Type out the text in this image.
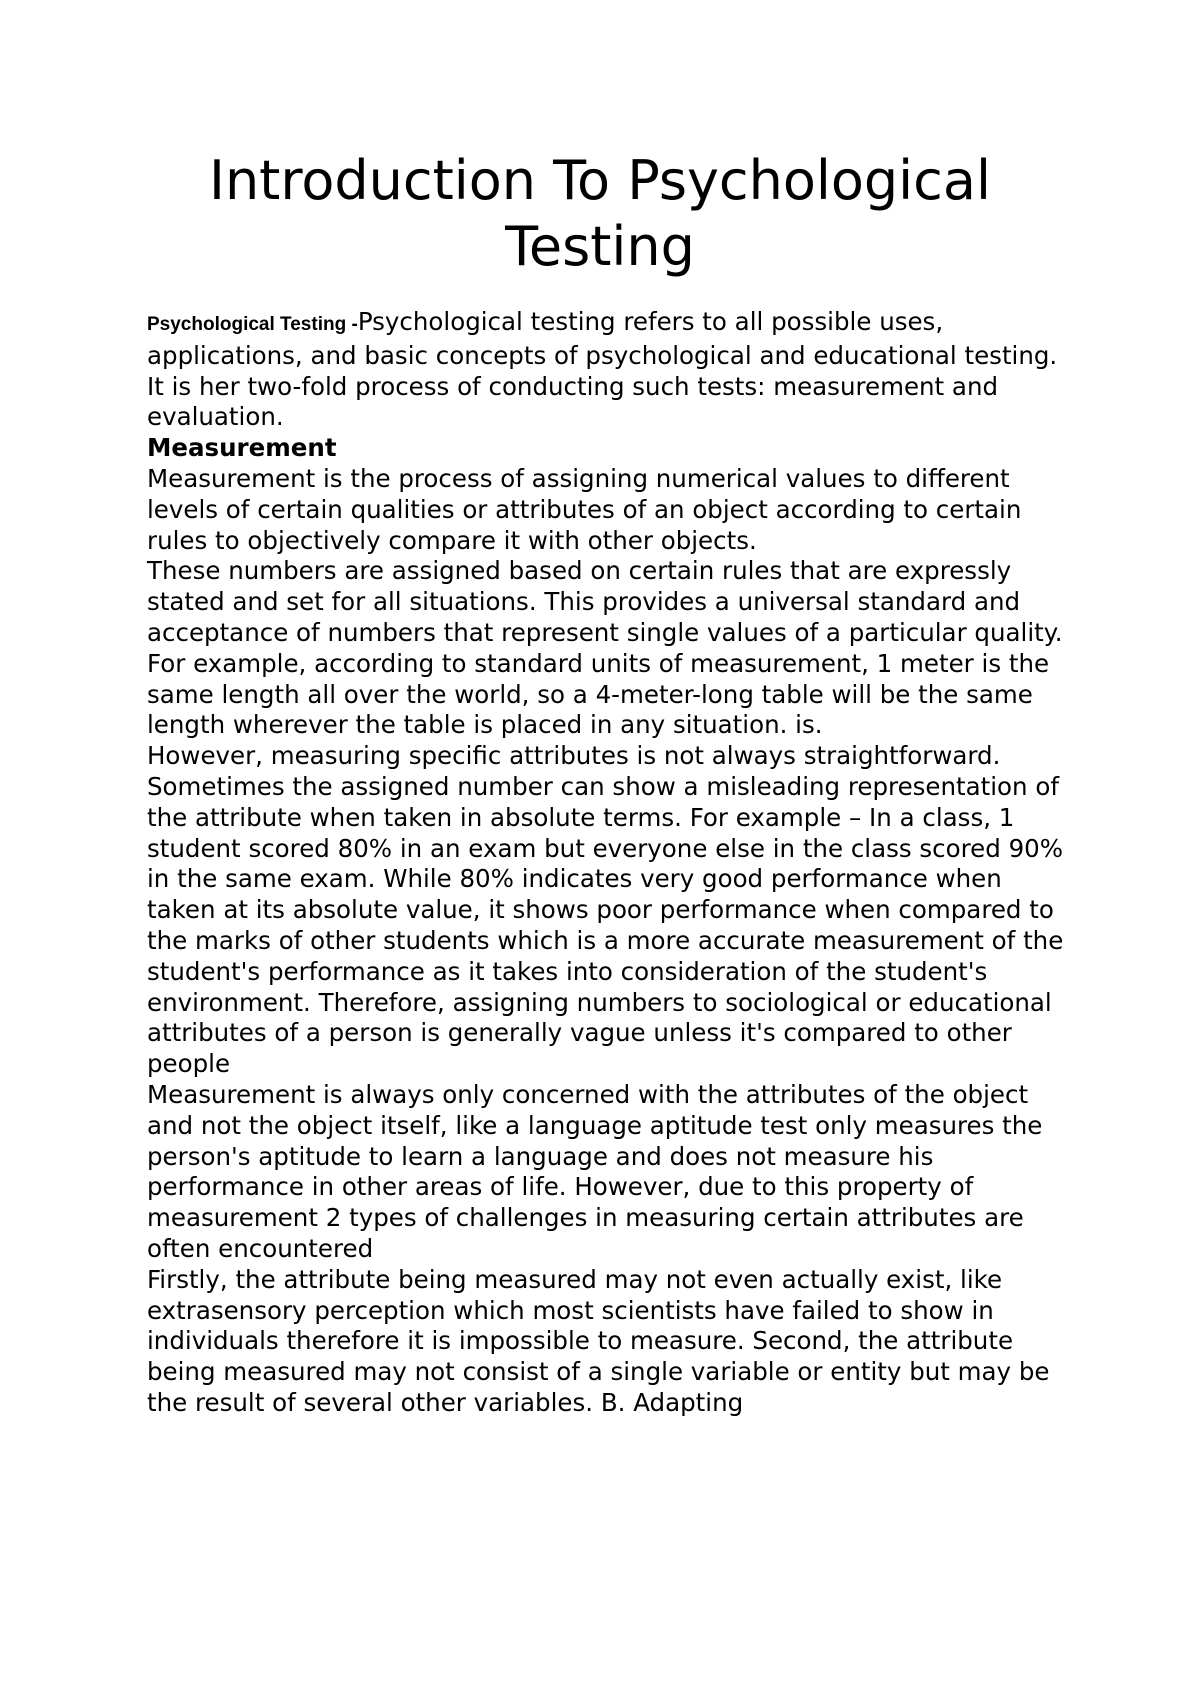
Introduction To Psychological Testing

Psychological Testing -Psychological testing refers to all possible uses, applications, and basic concepts of psychological and educational testing. It is her two-fold process of conducting such tests: measurement and evaluation.

Measurement

Measurement is the process of assigning numerical values to different levels of certain qualities or attributes of an object according to certain rules to objectively compare it with other objects.

These numbers are assigned based on certain rules that are expressly stated and set for all situations. This provides a universal standard and acceptance of numbers that represent single values of a particular quality. For example, according to standard units of measurement, 1 meter is the same length all over the world, so a 4-meter-long table will be the same length wherever the table is placed in any situation. is.

However, measuring specific attributes is not always straightforward. Sometimes the assigned number can show a misleading representation of the attribute when taken in absolute terms. For example – In a class, 1 student scored 80% in an exam but everyone else in the class scored 90% in the same exam. While 80% indicates very good performance when taken at its absolute value, it shows poor performance when compared to the marks of other students which is a more accurate measurement of the student's performance as it takes into consideration of the student's environment. Therefore, assigning numbers to sociological or educational attributes of a person is generally vague unless it's compared to other people

Measurement is always only concerned with the attributes of the object and not the object itself, like a language aptitude test only measures the person's aptitude to learn a language and does not measure his performance in other areas of life. However, due to this property of measurement 2 types of challenges in measuring certain attributes are often encountered

Firstly, the attribute being measured may not even actually exist, like extrasensory perception which most scientists have failed to show in individuals therefore it is impossible to measure. Second, the attribute being measured may not consist of a single variable or entity but may be the result of several other variables. B. Adapting
